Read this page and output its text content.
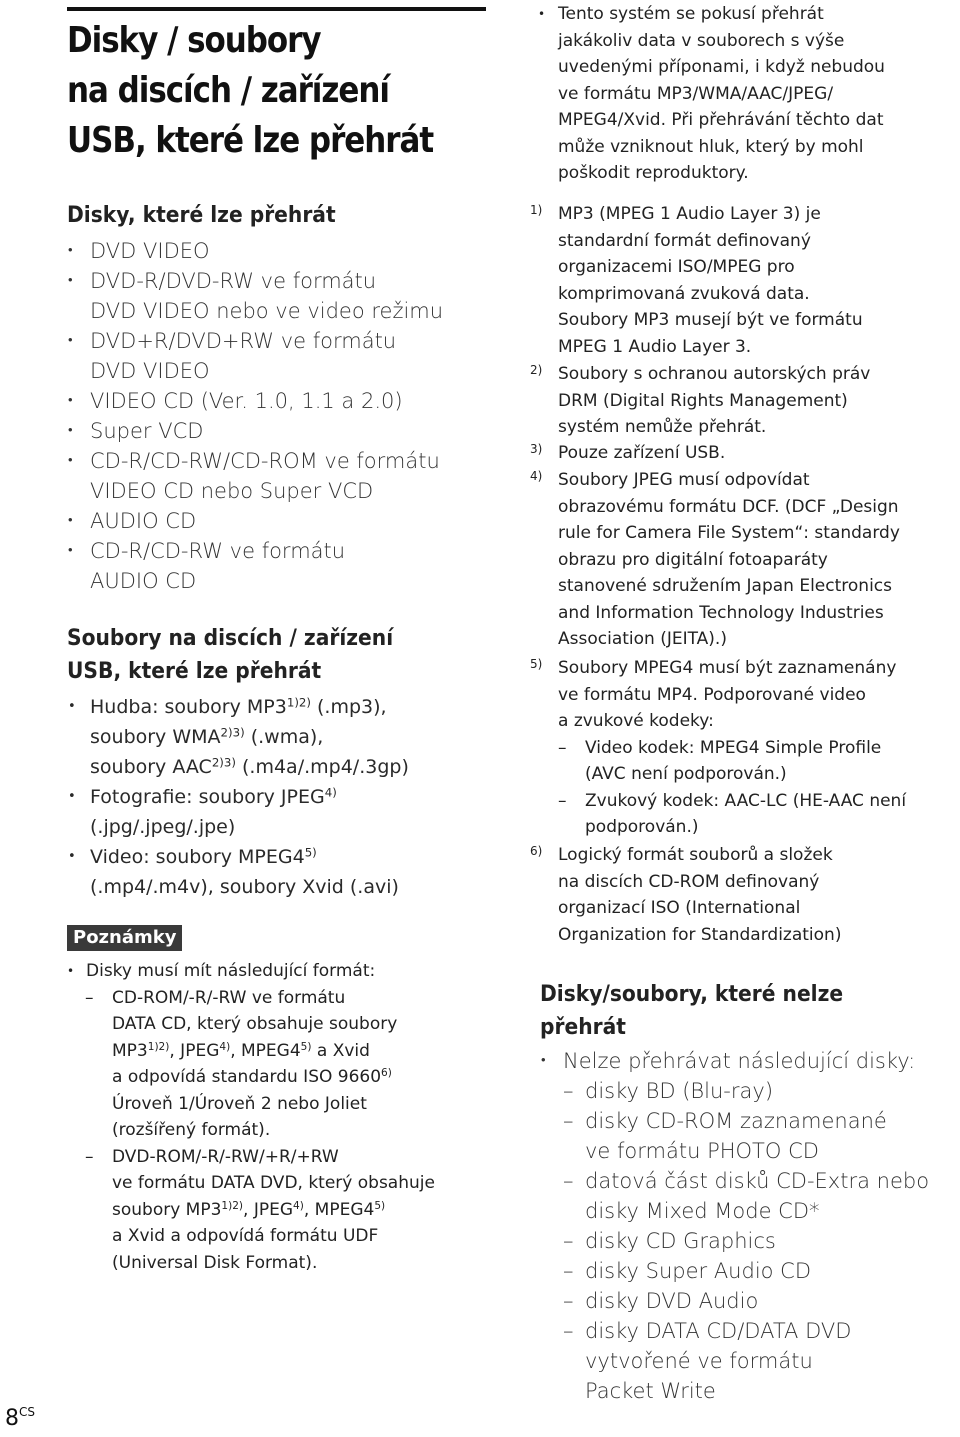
Disky / soubory
na discích / zařízení
USB, které lze přehrát
Disky, které lze přehrát
• DVD VIDEO
• DVD-R/DVD-RW ve formátu
DVD VIDEO nebo ve video režimu
• DVD+R/DVD+RW ve formátu
DVD VIDEO
• VIDEO CD (Ver. 1.0, 1.1 a 2.0)
• Super VCD
• CD-R/CD-RW/CD-ROM ve formátu
VIDEO CD nebo Super VCD
• AUDIO CD
• CD-R/CD-RW ve formátu
AUDIO CD
Soubory na discích / zařízení
USB, které lze přehrát
• Hudba: soubory $MP3^{1)2)}$ (.mp3),
soubory $WMA^{2)3)}$ (.wma),
soubory $AAC^{2)3)}$ (.m4a/.mp4/.3gp)
• Fotografie: soubory JPEG$^{4)}$
(.jpg/.jpeg/.jpe)
• Video: soubory MPEG4$^{5)}$
(.mp4/.m4v), soubory Xvid (.avi)
Poznámky
• Disky musí mít následující formát:
– CD-ROM/-R/-RW ve formátu
DATA CD, který obsahuje soubory
$MP3^{1)2)}$, JPEG$^{4)}$, MPEG4$^{5)}$ a Xvid
a odpovídá standardu ISO 9660$^{6)}$
Úroveň 1/Úroveň 2 nebo Joliet
(rozšířený formát).
– DVD-ROM/-R/-RW/+R/+RW
ve formátu DATA DVD, který obsahuje
soubory $MP3^{1)2)}$, JPEG$^{4)}$, MPEG4$^{5)}$
a Xvid a odpovídá formátu UDF
(Universal Disk Format).
• Tento systém se pokusí přehrát
jakákoliv data v souborech s výše
uvedenými příponami, i když nebudou
ve formátu MP3/WMA/AAC/JPEG/
MPEG4/Xvid. Při přehrávání těchto dat
může vzniknout hluk, který by mohl
poškodit reproduktory.
1) MP3 (MPEG 1 Audio Layer 3) je
standardní formát definovaný
organizacemi ISO/MPEG pro
komprimovaná zvuková data.
Soubory MP3 musejí být ve formátu
MPEG 1 Audio Layer 3.
2) Soubory s ochranou autorských práv
DRM (Digital Rights Management)
systém nemůže přehrát.
3) Pouze zařízení USB.
4) Soubory JPEG musí odpovídat
obrazovému formátu DCF. (DCF „Design
rule for Camera File System“: standardy
obrazu pro digitální fotoaparáty
stanovené sdružením Japan Electronics
and Information Technology Industries
Association (JEITA).)
5) Soubory MPEG4 musí být zaznamenány
ve formátu MP4. Podporované video
a zvukové kodeky:
– Video kodek: MPEG4 Simple Profile
(AVC není podporován.)
– Zvukový kodek: AAC-LC (HE-AAC není
podporován.)
6) Logický formát souborů a složek
na discích CD-ROM definovaný
organizací ISO (International
Organization for Standardization)
Disky/soubory, které nelze
přehrát
• Nelze přehrávat následující disky:
– disky BD (Blu-ray)
– disky CD-ROM zaznamenané
ve formátu PHOTO CD
– datová část disků CD-Extra nebo
disky Mixed Mode CD*
– disky CD Graphics
– disky Super Audio CD
– disky DVD Audio
– disky DATA CD/DATA DVD
vytvořené ve formátu
Packet Write
$8^{CS}$
